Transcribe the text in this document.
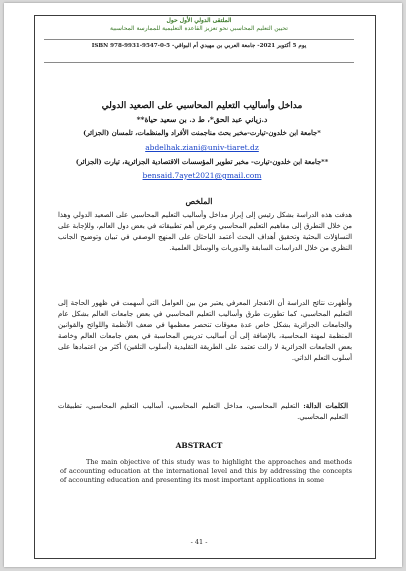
الملتقى الدولي الأول حول
تحيين التعليم المحاسبي نحو تعزيز القاعدة التعليمية للممارسة المحاسبية
يوم 5 أكتوبر 2021- جامعة العربي بن مهيدي أم البواقي- ISBN 978-9931-9547-0-5
مداخل وأساليب التعليم المحاسبي على الصعيد الدولي
د.زياني عبد الحق*، ط د. بن سعيد حياة**
*جامعة ابن خلدون-تيارت-مخبر بحث مناجمنت الأفراد والمنظمات، تلمسان (الجزائر)
abdelhak.ziani@univ-tiaret.dz
**جامعة ابن خلدون-تيارت- مخبر تطوير المؤسسات الاقتصادية الجزائرية، تيارت (الجزائر)
bensaid.7ayet2021@gmail.com
الملخص
هدفت هذه الدراسة بشكل رئيس إلى إبراز مداخل وأساليب التعليم المحاسبي على الصعيد الدولي وهذا من خلال التطرق إلى مفاهيم التعليم المحاسبي وعرض أهم تطبيقاته في بعض دول العالم، وللإجابة على التساؤلات البحثية وتحقيق أهداف البحث أعتمد الباحثان على المنهج الوصفي في تبيان وتوضيح الجانب النظري من خلال الدراسات السابقة والدوريات والوسائل العلمية.
وأظهرت نتائج الدراسة أن الانفجار المعرفي يعتبر من بين العوامل التي أسهمت في ظهور الحاجة إلى التعليم المحاسبي، كما تطورت طرق وأساليب التعليم المحاسبي في بعض جامعات العالم بشكل عام والجامعات الجزائرية بشكل خاص عدة معوقات تنحصر معظمها في ضعف الأنظمة واللوائح والقوانين المنظمة لمهنة المحاسبة، بالإضافة إلى أن أساليب تدريس المحاسبة في بعض جامعات العالم وخاصة بعض الجامعات الجزائرية لا زالت تعتمد على الطريقة التقليدية (أسلوب التلقين) أكثر من اعتمادها على أسلوب التعلم الذاتي.
الكلمات الدالة: التعليم المحاسبي، مداخل التعليم المحاسبي، أساليب التعليم المحاسبي، تطبيقات التعليم المحاسبي.
ABSTRACT
The main objective of this study was to highlight the approaches and methods of accounting education at the international level and this by addressing the concepts of accounting education and presenting its most important applications in some
- 41 -
